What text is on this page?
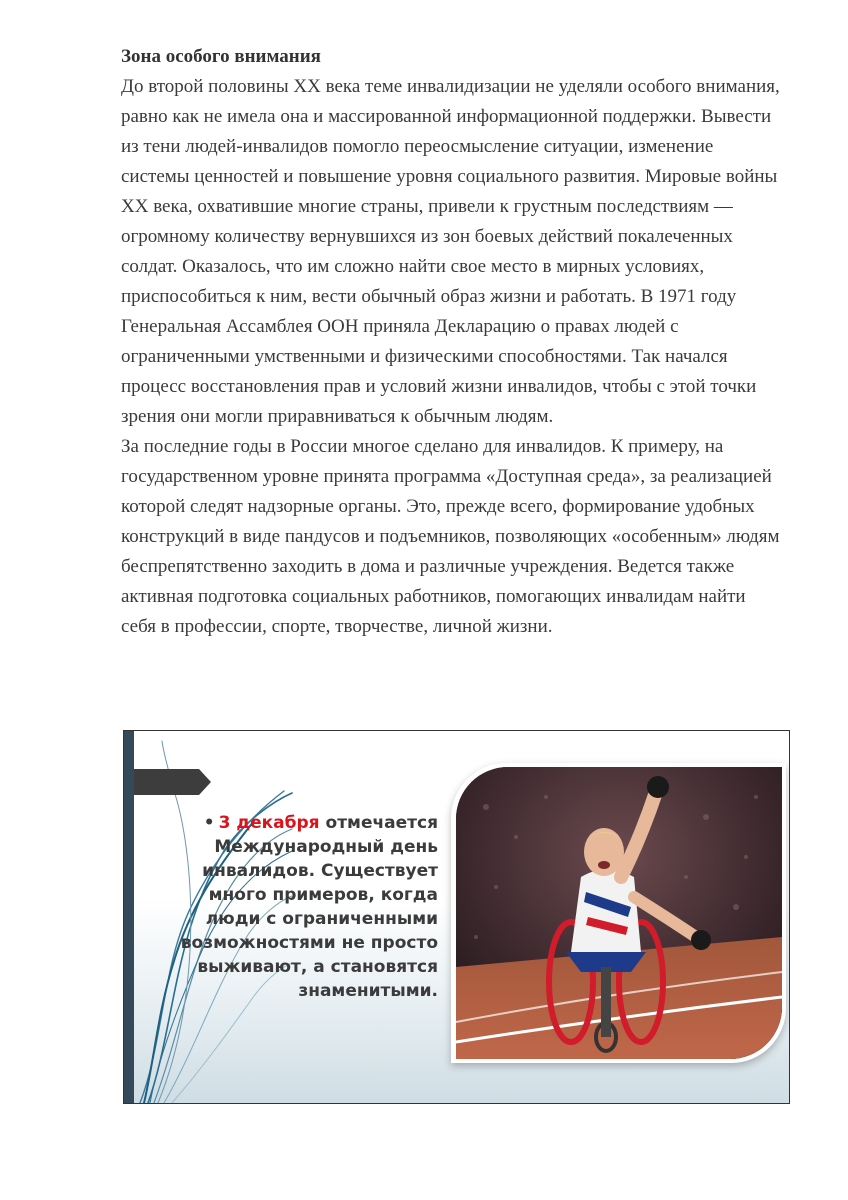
Зона особого внимания

До второй половины XX века теме инвалидизации не уделяли особого внимания, равно как не имела она и массированной информационной поддержки. Вывести из тени людей-инвалидов помогло переосмысление ситуации, изменение системы ценностей и повышение уровня социального развития. Мировые войны XX века, охватившие многие страны, привели к грустным последствиям — огромному количеству вернувшихся из зон боевых действий покалеченных солдат. Оказалось, что им сложно найти свое место в мирных условиях, приспособиться к ним, вести обычный образ жизни и работать. В 1971 году Генеральная Ассамблея ООН приняла Декларацию о правах людей с ограниченными умственными и физическими способностями. Так начался процесс восстановления прав и условий жизни инвалидов, чтобы с этой точки зрения они могли приравниваться к обычным людям.

За последние годы в России многое сделано для инвалидов. К примеру, на государственном уровне принята программа «Доступная среда», за реализацией которой следят надзорные органы. Это, прежде всего, формирование удобных конструкций в виде пандусов и подъемников, позволяющих «особенным» людям беспрепятственно заходить в дома и различные учреждения. Ведется также активная подготовка социальных работников, помогающих инвалидам найти себя в профессии, спорте, творчестве, личной жизни.

• 3 декабря отмечается Международный день инвалидов. Существует много примеров, когда люди с ограниченными возможностями не просто выживают, а становятся знаменитыми.
